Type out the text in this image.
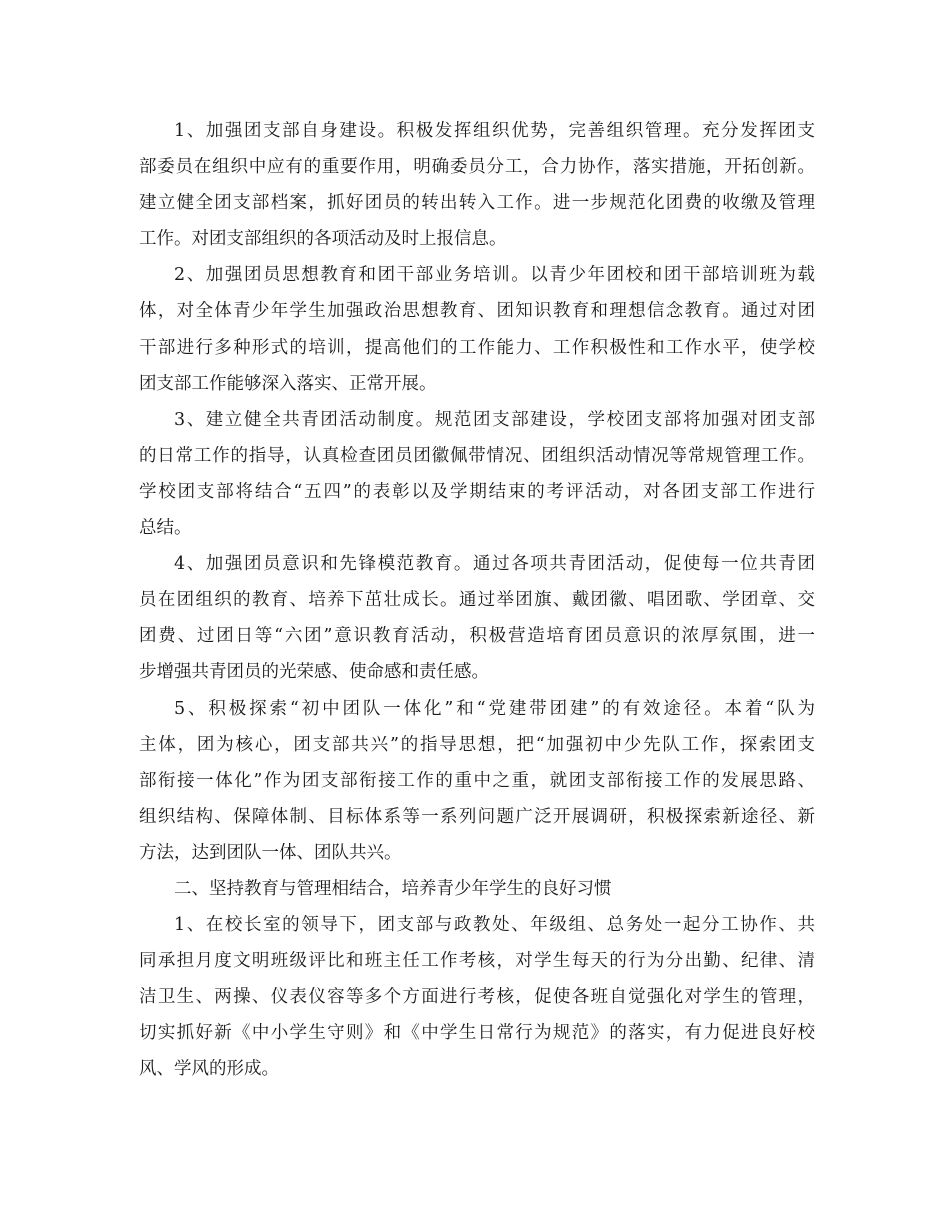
1、加强团支部自身建设。积极发挥组织优势，完善组织管理。充分发挥团支
部委员在组织中应有的重要作用，明确委员分工，合力协作，落实措施，开拓创新。
建立健全团支部档案，抓好团员的转出转入工作。进一步规范化团费的收缴及管理
工作。对团支部组织的各项活动及时上报信息。
2、加强团员思想教育和团干部业务培训。以青少年团校和团干部培训班为载
体，对全体青少年学生加强政治思想教育、团知识教育和理想信念教育。通过对团
干部进行多种形式的培训，提高他们的工作能力、工作积极性和工作水平，使学校
团支部工作能够深入落实、正常开展。
3、建立健全共青团活动制度。规范团支部建设，学校团支部将加强对团支部
的日常工作的指导，认真检查团员团徽佩带情况、团组织活动情况等常规管理工作。
学校团支部将结合“五四”的表彰以及学期结束的考评活动，对各团支部工作进行
总结。
4、加强团员意识和先锋模范教育。通过各项共青团活动，促使每一位共青团
员在团组织的教育、培养下茁壮成长。通过举团旗、戴团徽、唱团歌、学团章、交
团费、过团日等“六团”意识教育活动，积极营造培育团员意识的浓厚氛围，进一
步增强共青团员的光荣感、使命感和责任感。
5、积极探索“初中团队一体化”和“党建带团建”的有效途径。本着“队为
主体，团为核心，团支部共兴”的指导思想，把“加强初中少先队工作，探索团支
部衔接一体化”作为团支部衔接工作的重中之重，就团支部衔接工作的发展思路、
组织结构、保障体制、目标体系等一系列问题广泛开展调研，积极探索新途径、新
方法，达到团队一体、团队共兴。
二、坚持教育与管理相结合，培养青少年学生的良好习惯
1、在校长室的领导下，团支部与政教处、年级组、总务处一起分工协作、共
同承担月度文明班级评比和班主任工作考核，对学生每天的行为分出勤、纪律、清
洁卫生、两操、仪表仪容等多个方面进行考核，促使各班自觉强化对学生的管理，
切实抓好新《中小学生守则》和《中学生日常行为规范》的落实，有力促进良好校
风、学风的形成。
